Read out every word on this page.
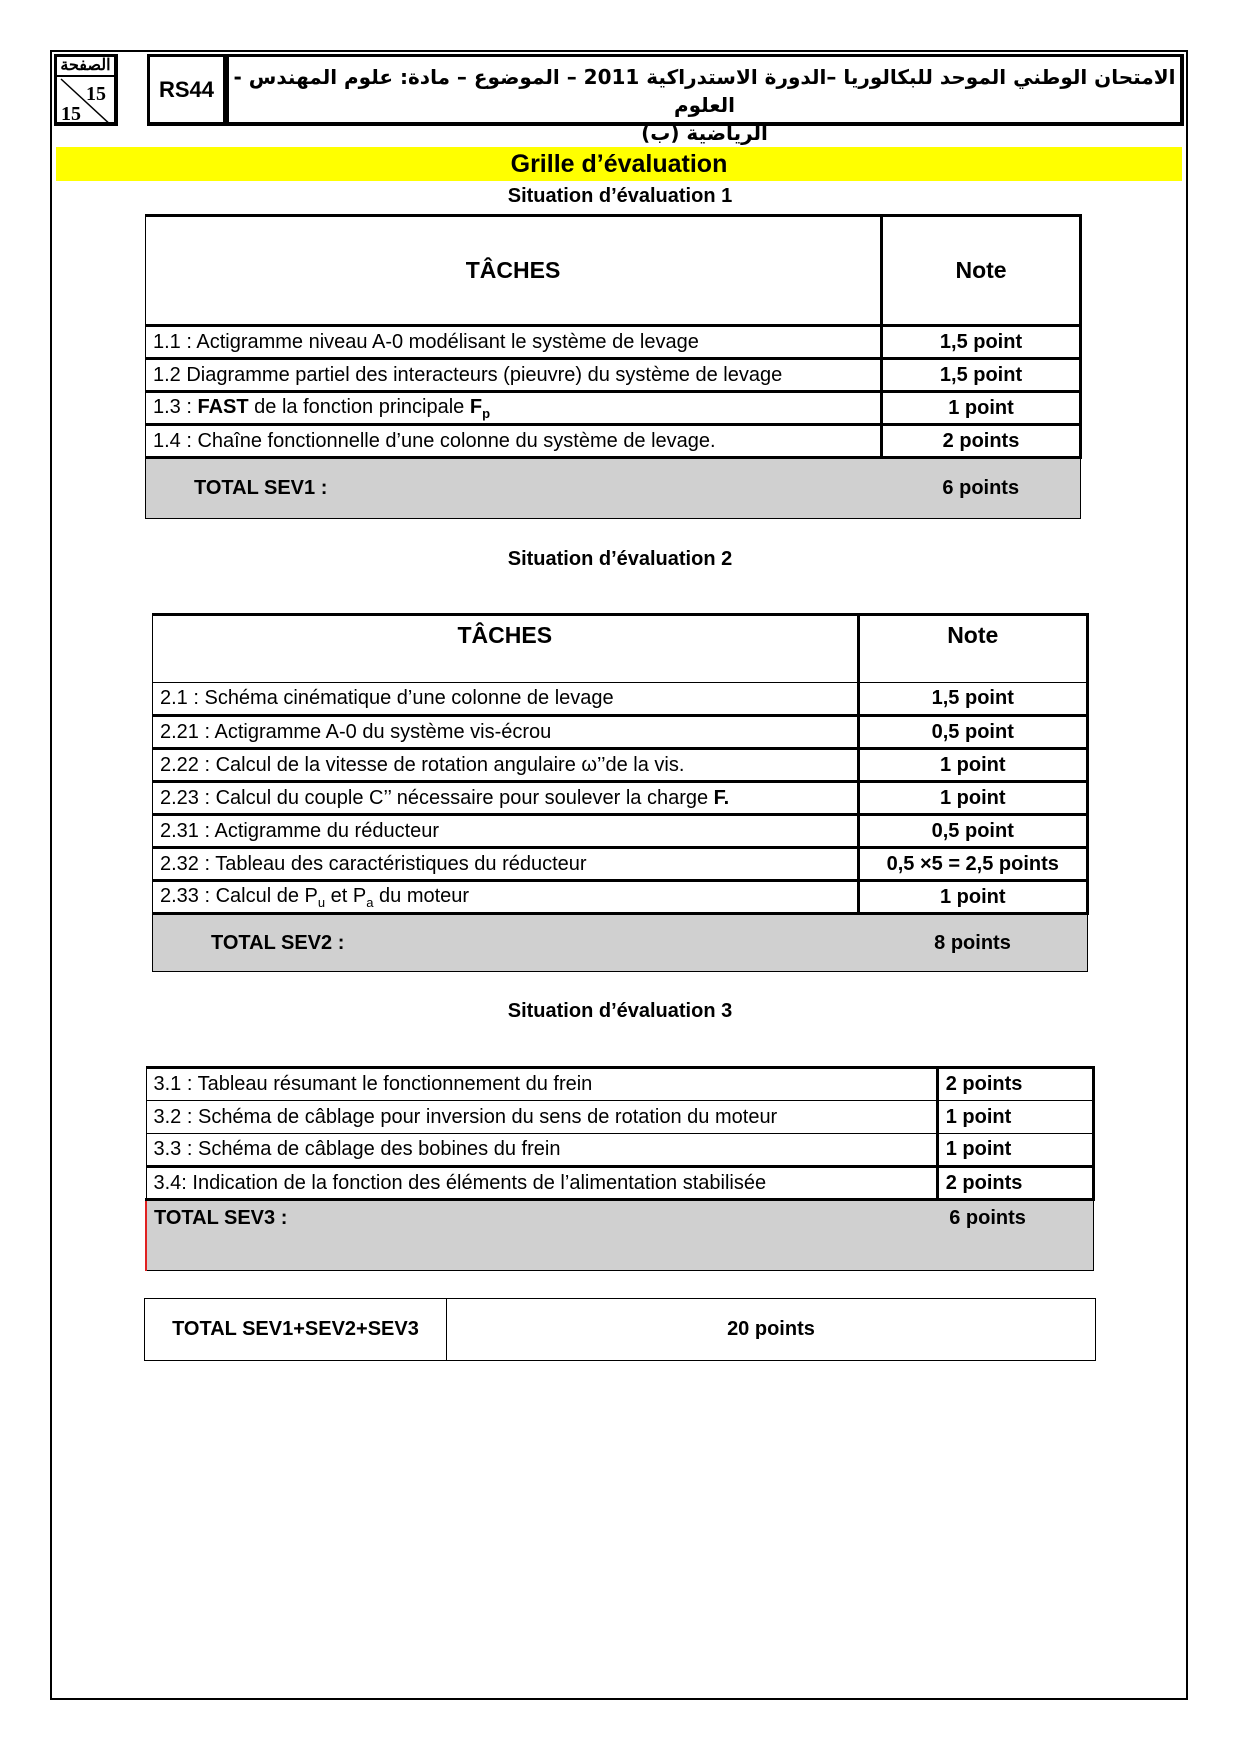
الصفحة
15
15
RS44 الامتحان الوطني الموحد للبكالوريا –الدورة الاستدراكية 2011 – الموضوع – مادة: علوم المهندس - العلوم
الرياضية (ب)
Grille d’évaluation
Situation d’évaluation 1
TÂCHES	Note
1.1 : Actigramme niveau A-0 modélisant le système de levage	1,5 point
1.2 Diagramme partiel des interacteurs (pieuvre) du système de levage	1,5 point
1.3 : FAST de la fonction principale $F_p$	1 point
1.4 : Chaîne fonctionnelle d’une colonne du système de levage.	2 points
TOTAL SEV1 :	6 points
Situation d’évaluation 2
TÂCHES	Note
2.1 : Schéma cinématique d’une colonne de levage	1,5 point
2.21 : Actigramme A-0 du système vis-écrou	0,5 point
2.22 : Calcul de la vitesse de rotation angulaire ω’’de la vis.	1 point
2.23 : Calcul du couple C’’ nécessaire pour soulever la charge F.	1 point
2.31 : Actigramme du réducteur	0,5 point
2.32 : Tableau des caractéristiques du réducteur	0,5 ×5 = 2,5 points
2.33 : Calcul de $P_u$ et $P_a$ du moteur	1 point
TOTAL SEV2 :	8 points
Situation d’évaluation 3
3.1 : Tableau résumant le fonctionnement du frein	2 points
3.2 : Schéma de câblage pour inversion du sens de rotation du moteur	1 point
3.3 : Schéma de câblage des bobines du frein	1 point
3.4: Indication de la fonction des éléments de l’alimentation stabilisée	2 points
TOTAL SEV3 :	6 points
TOTAL SEV1+SEV2+SEV3	20 points
